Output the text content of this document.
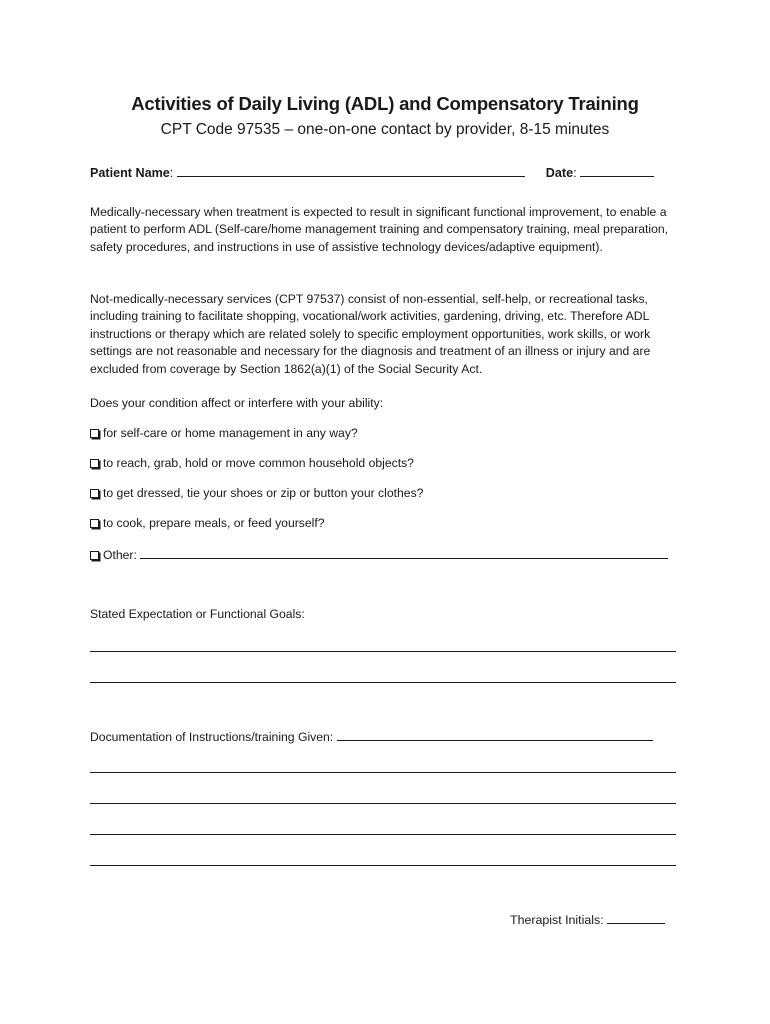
Activities of Daily Living (ADL) and Compensatory Training
CPT Code 97535 – one-on-one contact by provider, 8-15 minutes
Patient Name:	Date:
Medically-necessary when treatment is expected to result in significant functional improvement, to enable a patient to perform ADL (Self-care/home management training and compensatory training, meal preparation, safety procedures, and instructions in use of assistive technology devices/adaptive equipment).
Not-medically-necessary services (CPT 97537) consist of non-essential, self-help, or recreational tasks, including training to facilitate shopping, vocational/work activities, gardening, driving, etc. Therefore ADL instructions or therapy which are related solely to specific employment opportunities, work skills, or work settings are not reasonable and necessary for the diagnosis and treatment of an illness or injury and are excluded from coverage by Section 1862(a)(1) of the Social Security Act.
Does your condition affect or interfere with your ability:
for self-care or home management in any way?
to reach, grab, hold or move common household objects?
to get dressed, tie your shoes or zip or button your clothes?
to cook, prepare meals, or feed yourself?
Other:
Stated Expectation or Functional Goals:
Documentation of Instructions/training Given:
Therapist Initials:
